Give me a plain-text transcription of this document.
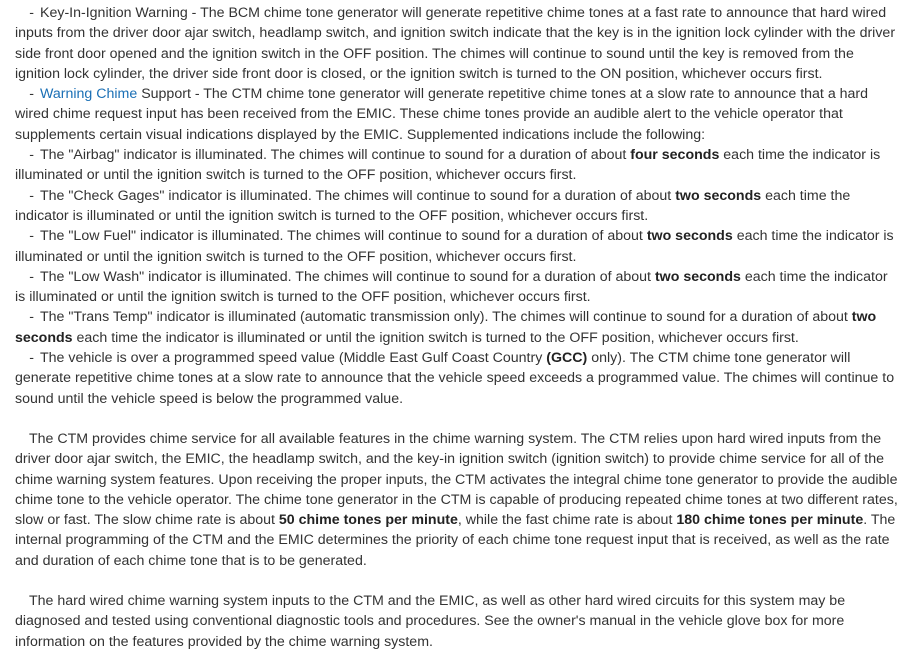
- Key-In-Ignition Warning - The BCM chime tone generator will generate repetitive chime tones at a fast rate to announce that hard wired inputs from the driver door ajar switch, headlamp switch, and ignition switch indicate that the key is in the ignition lock cylinder with the driver side front door opened and the ignition switch in the OFF position. The chimes will continue to sound until the key is removed from the ignition lock cylinder, the driver side front door is closed, or the ignition switch is turned to the ON position, whichever occurs first.

- Warning Chime Support - The CTM chime tone generator will generate repetitive chime tones at a slow rate to announce that a hard wired chime request input has been received from the EMIC. These chime tones provide an audible alert to the vehicle operator that supplements certain visual indications displayed by the EMIC. Supplemented indications include the following:

- The "Airbag" indicator is illuminated. The chimes will continue to sound for a duration of about four seconds each time the indicator is illuminated or until the ignition switch is turned to the OFF position, whichever occurs first.

- The "Check Gages" indicator is illuminated. The chimes will continue to sound for a duration of about two seconds each time the indicator is illuminated or until the ignition switch is turned to the OFF position, whichever occurs first.

- The "Low Fuel" indicator is illuminated. The chimes will continue to sound for a duration of about two seconds each time the indicator is illuminated or until the ignition switch is turned to the OFF position, whichever occurs first.

- The "Low Wash" indicator is illuminated. The chimes will continue to sound for a duration of about two seconds each time the indicator is illuminated or until the ignition switch is turned to the OFF position, whichever occurs first.

- The "Trans Temp" indicator is illuminated (automatic transmission only). The chimes will continue to sound for a duration of about two seconds each time the indicator is illuminated or until the ignition switch is turned to the OFF position, whichever occurs first.

- The vehicle is over a programmed speed value (Middle East Gulf Coast Country (GCC) only). The CTM chime tone generator will generate repetitive chime tones at a slow rate to announce that the vehicle speed exceeds a programmed value. The chimes will continue to sound until the vehicle speed is below the programmed value.

The CTM provides chime service for all available features in the chime warning system. The CTM relies upon hard wired inputs from the driver door ajar switch, the EMIC, the headlamp switch, and the key-in ignition switch (ignition switch) to provide chime service for all of the chime warning system features. Upon receiving the proper inputs, the CTM activates the integral chime tone generator to provide the audible chime tone to the vehicle operator. The chime tone generator in the CTM is capable of producing repeated chime tones at two different rates, slow or fast. The slow chime rate is about 50 chime tones per minute, while the fast chime rate is about 180 chime tones per minute. The internal programming of the CTM and the EMIC determines the priority of each chime tone request input that is received, as well as the rate and duration of each chime tone that is to be generated.

The hard wired chime warning system inputs to the CTM and the EMIC, as well as other hard wired circuits for this system may be diagnosed and tested using conventional diagnostic tools and procedures. See the owner's manual in the vehicle glove box for more information on the features provided by the chime warning system.
